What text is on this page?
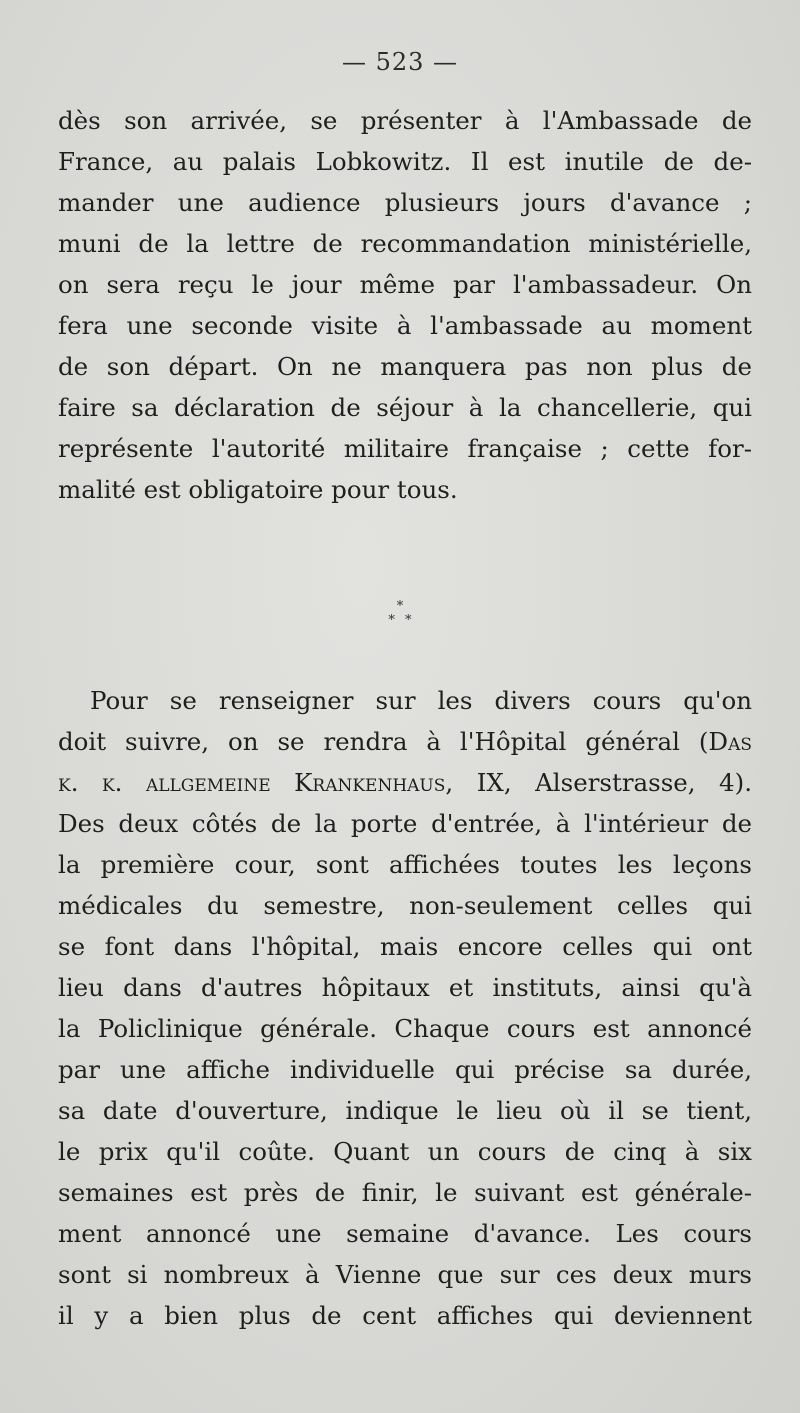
— 523 —
dès son arrivée, se présenter à l'Ambassade de
France, au palais Lobkowitz. Il est inutile de de-
mander une audience plusieurs jours d'avance ;
muni de la lettre de recommandation ministérielle,
on sera reçu le jour même par l'ambassadeur. On
fera une seconde visite à l'ambassade au moment
de son départ. On ne manquera pas non plus de
faire sa déclaration de séjour à la chancellerie, qui
représente l'autorité militaire française ; cette for-
malité est obligatoire pour tous.
*
* *
Pour se renseigner sur les divers cours qu'on
doit suivre, on se rendra à l'Hôpital général (Das
k. k. allgemeine Krankenhaus, IX, Alserstrasse, 4).
Des deux côtés de la porte d'entrée, à l'intérieur de
la première cour, sont affichées toutes les leçons
médicales du semestre, non-seulement celles qui
se font dans l'hôpital, mais encore celles qui ont
lieu dans d'autres hôpitaux et instituts, ainsi qu'à
la Policlinique générale. Chaque cours est annoncé
par une affiche individuelle qui précise sa durée,
sa date d'ouverture, indique le lieu où il se tient,
le prix qu'il coûte. Quant un cours de cinq à six
semaines est près de finir, le suivant est générale-
ment annoncé une semaine d'avance. Les cours
sont si nombreux à Vienne que sur ces deux murs
il y a bien plus de cent affiches qui deviennent
